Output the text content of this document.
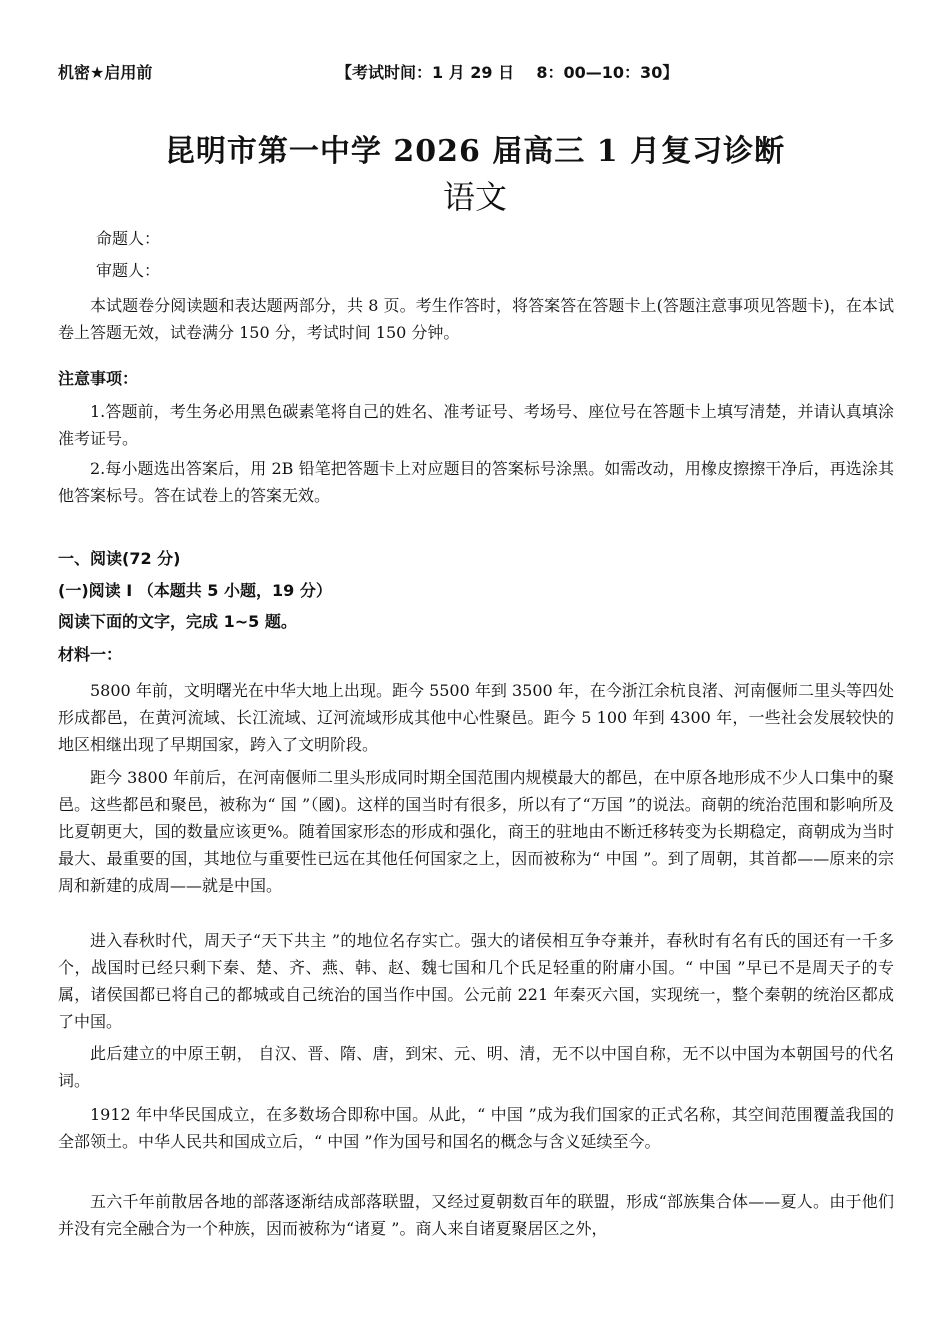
机密★启用前	【考试时间：1 月 29 日    8：00—10：30】
昆明市第一中学 2026 届高三 1 月复习诊断
语文
命题人：
审题人：

本试题卷分阅读题和表达题两部分，共 8 页。考生作答时，将答案答在答题卡上(答题注意事项见答题卡)，在本试卷上答题无效，试卷满分 150 分，考试时间 150 分钟。

注意事项：

1.答题前，考生务必用黑色碳素笔将自己的姓名、准考证号、考场号、座位号在答题卡上填写清楚，并请认真填涂准考证号。

2.每小题选出答案后，用 2B 铅笔把答题卡上对应题目的答案标号涂黑。如需改动，用橡皮擦擦干净后，再选涂其他答案标号。答在试卷上的答案无效。

一、阅读(72 分)
(一)阅读 Ⅰ （本题共 5 小题，19 分）
阅读下面的文字，完成 1~5 题。
材料一：

5800 年前，文明曙光在中华大地上出现。距今 5500 年到 3500 年，在今浙江余杭良渚、河南偃师二里头等四处形成都邑，在黄河流域、长江流域、辽河流域形成其他中心性聚邑。距今 5 100 年到 4300 年，一些社会发展较快的地区相继出现了早期国家，跨入了文明阶段。

距今 3800 年前后，在河南偃师二里头形成同时期全国范围内规模最大的都邑，在中原各地形成不少人口集中的聚邑。这些都邑和聚邑，被称为“ 国 ”（國)。这样的国当时有很多，所以有了“万国 ”的说法。商朝的统治范围和影响所及比夏朝更大，国的数量应该更%。随着国家形态的形成和强化，商王的驻地由不断迁移转变为长期稳定，商朝成为当时最大、最重要的国，其地位与重要性已远在其他任何国家之上，因而被称为“ 中国 ”。到了周朝，其首都——原来的宗周和新建的成周——就是中国。

进入春秋时代，周天子“天下共主 ”的地位名存实亡。强大的诸侯相互争夺兼并，春秋时有名有氏的国还有一千多个，战国时已经只剩下秦、楚、齐、燕、韩、赵、魏七国和几个氏足轻重的附庸小国。“ 中国 ”早已不是周天子的专属，诸侯国都已将自己的都城或自己统治的国当作中国。公元前 221 年秦灭六国，实现统一，整个秦朝的统治区都成了中国。

此后建立的中原王朝， 自汉、晋、隋、唐，到宋、元、明、清，无不以中国自称，无不以中国为本朝国号的代名词。

1912 年中华民国成立，在多数场合即称中国。从此，“ 中国 ”成为我们国家的正式名称，其空间范围覆盖我国的全部领土。中华人民共和国成立后，“ 中国 ”作为国号和国名的概念与含义延续至今。

五六千年前散居各地的部落逐渐结成部落联盟，又经过夏朝数百年的联盟，形成“部族集合体——夏人。由于他们并没有完全融合为一个种族，因而被称为“诸夏 ”。商人来自诸夏聚居区之外，
